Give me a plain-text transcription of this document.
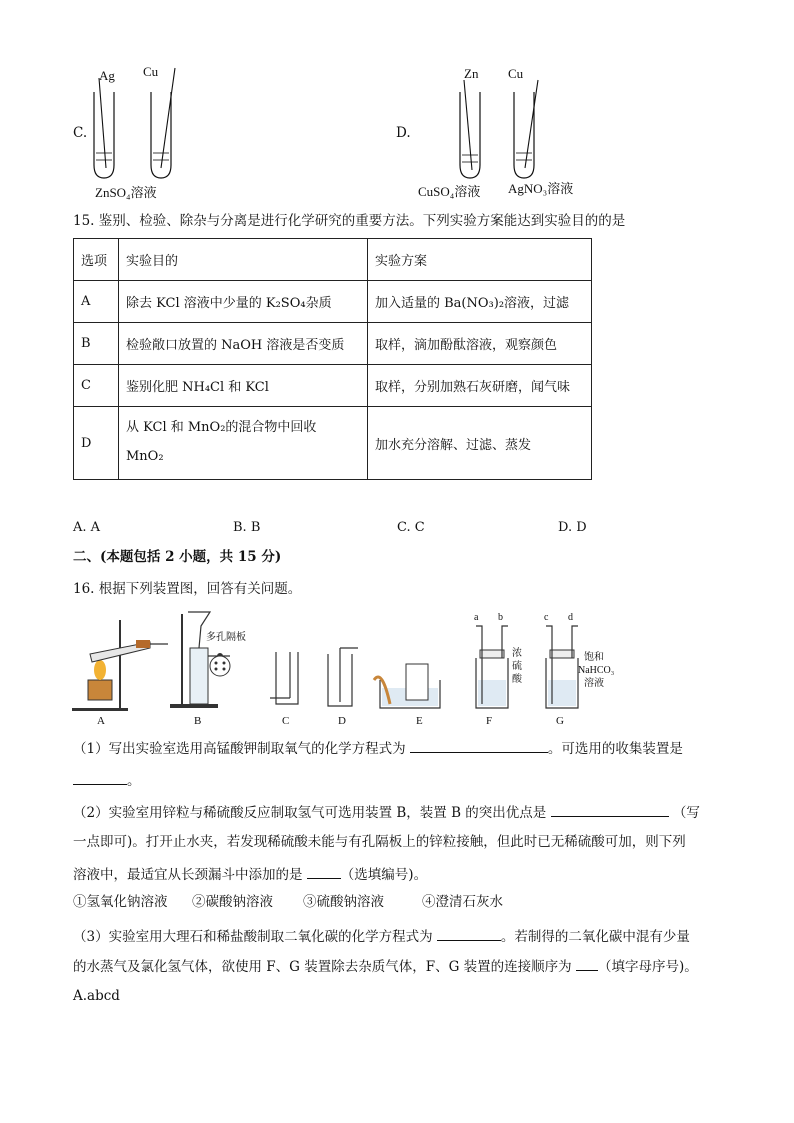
C.
Ag Cu
ZnSO₄溶液
D.
Zn Cu
CuSO₄溶液 AgNO₃溶液
15. 鉴别、检验、除杂与分离是进行化学研究的重要方法。下列实验方案能达到实验目的的是
选项	实验目的	实验方案
A	除去 KCl 溶液中少量的 K₂SO₄杂质	加入适量的 Ba(NO₃)₂溶液，过滤
B	检验敞口放置的 NaOH 溶液是否变质	取样，滴加酚酞溶液，观察颜色
C	鉴别化肥 NH₄Cl 和 KCl	取样，分别加熟石灰研磨，闻气味
D	从 KCl 和 MnO₂的混合物中回收
MnO₂	加水充分溶解、过滤、蒸发
A. A	B. B	C. C	D. D
二、(本题包括 2 小题，共 15 分)
16. 根据下列装置图，回答有关问题。
A
多孔隔板
B	C	D	E
a b
浓
硫
酸
F
c d
饱和
NaHCO₃
溶液
G
（1）写出实验室选用高锰酸钾制取氧气的化学方程式为	。可选用的收集装置是
。
（2）实验室用锌粒与稀硫酸反应制取氢气可选用装置 B，装置 B 的突出优点是	（写
一点即可)。打开止水夹，若发现稀硫酸未能与有孔隔板上的锌粒接触，但此时已无稀硫酸可加，则下列
溶液中，最适宜从长颈漏斗中添加的是	（选填编号)。
①氢氧化钠溶液 ②碳酸钠溶液 ③硫酸钠溶液	④澄清石灰水
（3）实验室用大理石和稀盐酸制取二氧化碳的化学方程式为	。若制得的二氧化碳中混有少量
的水蒸气及氯化氢气体，欲使用 F、G 装置除去杂质气体，F、G 装置的连接顺序为 （填字母序号)。
A.abcd
